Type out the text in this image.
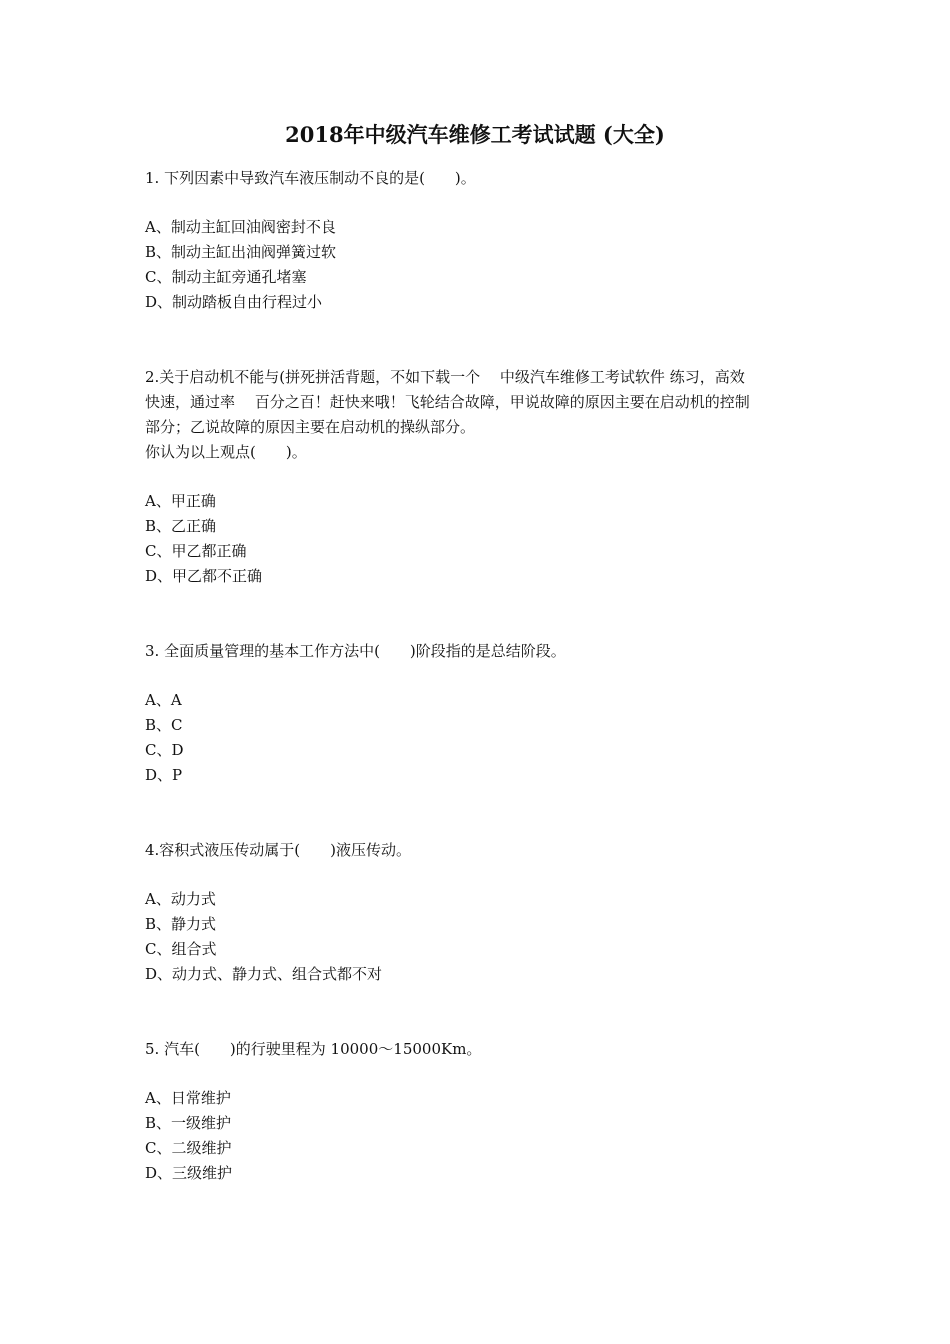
2018年中级汽车维修工考试试题 (大全)
1. 下列因素中导致汽车液压制动不良的是(　　)。
A、制动主缸回油阀密封不良
B、制动主缸出油阀弹簧过软
C、制动主缸旁通孔堵塞
D、制动踏板自由行程过小
2.关于启动机不能与(拼死拼活背题，不如下载一个　 中级汽车维修工考试软件 练习，高效
快速，通过率　 百分之百！赶快来哦！飞轮结合故障，甲说故障的原因主要在启动机的控制
部分；乙说故障的原因主要在启动机的操纵部分。
你认为以上观点(　　)。
A、甲正确
B、乙正确
C、甲乙都正确
D、甲乙都不正确
3. 全面质量管理的基本工作方法中(　　)阶段指的是总结阶段。
A、A
B、C
C、D
D、P
4.容积式液压传动属于(　　)液压传动。
A、动力式
B、静力式
C、组合式
D、动力式、静力式、组合式都不对
5. 汽车(　　)的行驶里程为 10000～15000Km。
A、日常维护
B、一级维护
C、二级维护
D、三级维护
